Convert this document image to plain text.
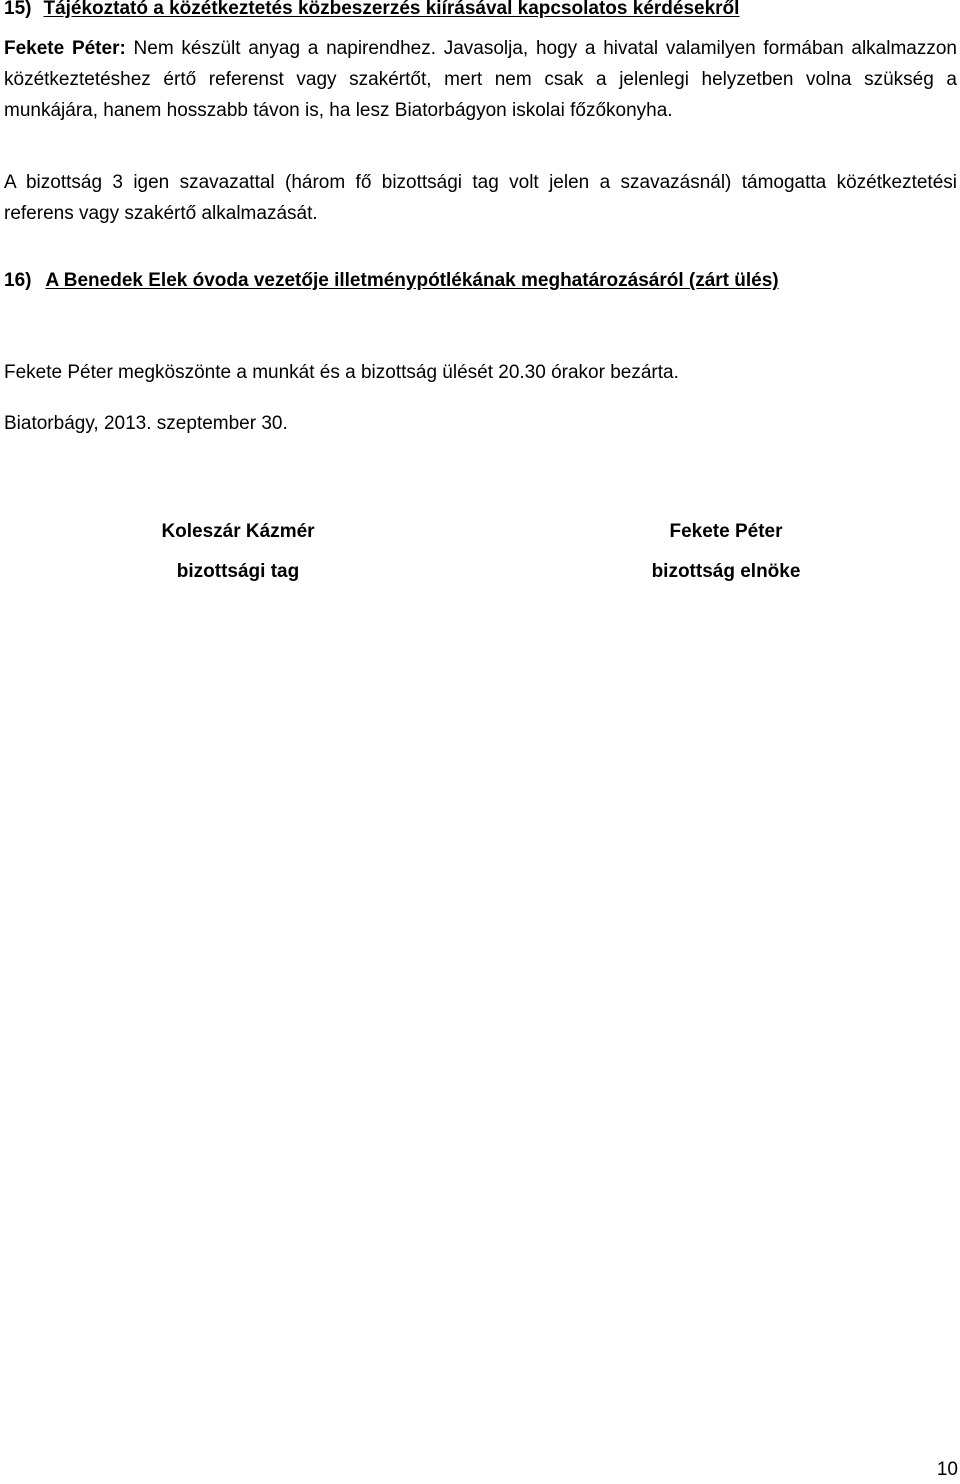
15) Tájékoztató a közétkeztetés közbeszerzés kiírásával kapcsolatos kérdésekről

Fekete Péter: Nem készült anyag a napirendhez. Javasolja, hogy a hivatal valamilyen formában alkalmazzon közétkeztetéshez értő referenst vagy szakértőt, mert nem csak a jelenlegi helyzetben volna szükség a munkájára, hanem hosszabb távon is, ha lesz Biatorbágyon iskolai főzőkonyha.

A bizottság 3 igen szavazattal (három fő bizottsági tag volt jelen a szavazásnál) támogatta közétkeztetési referens vagy szakértő alkalmazását.

16) A Benedek Elek óvoda vezetője illetménypótlékának meghatározásáról (zárt ülés)

Fekete Péter megköszönte a munkát és a bizottság ülését 20.30 órakor bezárta.

Biatorbágy, 2013. szeptember 30.

Koleszár Kázmér
bizottsági tag
Fekete Péter
bizottság elnöke
10
